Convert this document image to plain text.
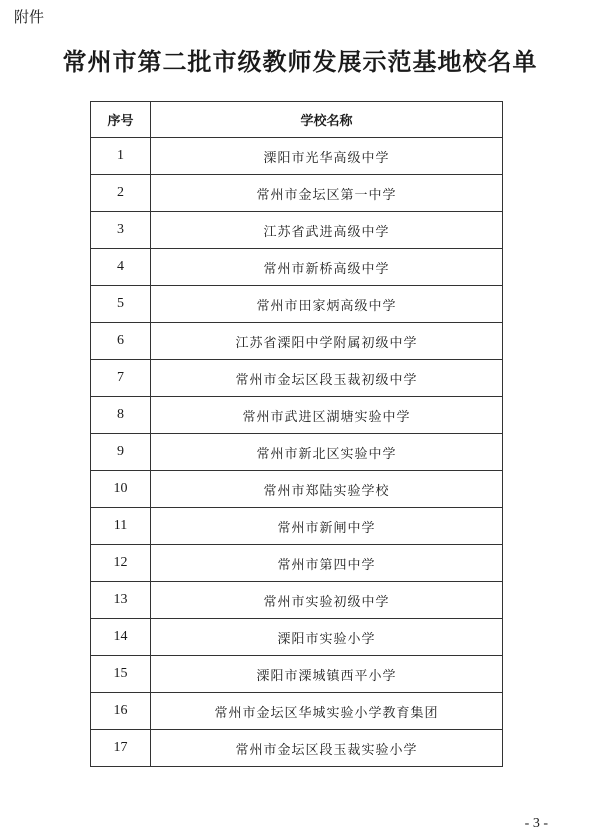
附件
常州市第二批市级教师发展示范基地校名单
序号	学校名称
1	溧阳市光华高级中学
2	常州市金坛区第一中学
3	江苏省武进高级中学
4	常州市新桥高级中学
5	常州市田家炳高级中学
6	江苏省溧阳中学附属初级中学
7	常州市金坛区段玉裁初级中学
8	常州市武进区湖塘实验中学
9	常州市新北区实验中学
10	常州市郑陆实验学校
11	常州市新闸中学
12	常州市第四中学
13	常州市实验初级中学
14	溧阳市实验小学
15	溧阳市溧城镇西平小学
16	常州市金坛区华城实验小学教育集团
17	常州市金坛区段玉裁实验小学
- 3 -
